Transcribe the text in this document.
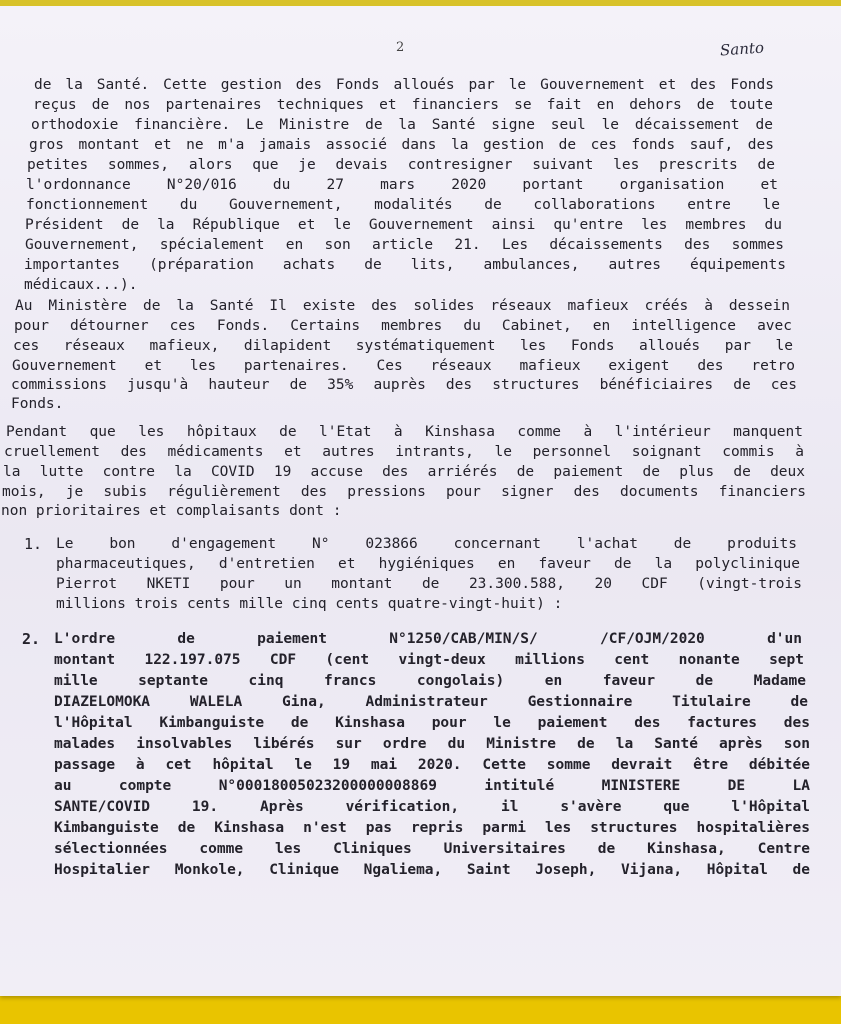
2	Santo
de la Santé. Cette gestion des Fonds alloués par le Gouvernement et des Fonds
reçus de nos partenaires techniques et financiers se fait en dehors de toute
orthodoxie financière. Le Ministre de la Santé signe seul le décaissement de
gros montant et ne m'a jamais associé dans la gestion de ces fonds sauf, des
petites sommes, alors que je devais contresigner suivant les prescrits de
l'ordonnance N°20/016 du 27 mars 2020 portant organisation et
fonctionnement du Gouvernement, modalités de collaborations entre le
Président de la République et le Gouvernement ainsi qu'entre les membres du
Gouvernement, spécialement en son article 21. Les décaissements des sommes
importantes (préparation achats de lits, ambulances, autres équipements
médicaux...).
Au Ministère de la Santé Il existe des solides réseaux mafieux créés à dessein
pour détourner ces Fonds. Certains membres du Cabinet, en intelligence avec
ces réseaux mafieux, dilapident systématiquement les Fonds alloués par le
Gouvernement et les partenaires. Ces réseaux mafieux exigent des retro
commissions jusqu'à hauteur de 35% auprès des structures bénéficiaires de ces
Fonds.
Pendant que les hôpitaux de l'Etat à Kinshasa comme à l'intérieur manquent
cruellement des médicaments et autres intrants, le personnel soignant commis à
la lutte contre la COVID 19 accuse des arriérés de paiement de plus de deux
mois, je subis régulièrement des pressions pour signer des documents financiers
non prioritaires et complaisants dont :
1. Le bon d'engagement N° 023866 concernant l'achat de produits
pharmaceutiques, d'entretien et hygiéniques en faveur de la polyclinique
Pierrot NKETI pour un montant de 23.300.588, 20 CDF (vingt-trois
millions trois cents mille cinq cents quatre-vingt-huit) :
2. L'ordre de paiement N°1250/CAB/MIN/S/ /CF/OJM/2020 d'un
montant 122.197.075 CDF (cent vingt-deux millions cent nonante sept
mille septante cinq francs congolais) en faveur de Madame
DIAZELOMOKA WALELA Gina, Administrateur Gestionnaire Titulaire de
l'Hôpital Kimbanguiste de Kinshasa pour le paiement des factures des
malades insolvables libérés sur ordre du Ministre de la Santé après son
passage à cet hôpital le 19 mai 2020. Cette somme devrait être débitée
au compte N°00018005023200000008869 intitulé MINISTERE DE LA
SANTE/COVID 19. Après vérification, il s'avère que l'Hôpital
Kimbanguiste de Kinshasa n'est pas repris parmi les structures hospitalières
sélectionnées comme les Cliniques Universitaires de Kinshasa, Centre
Hospitalier Monkole, Clinique Ngaliema, Saint Joseph, Vijana, Hôpital de
